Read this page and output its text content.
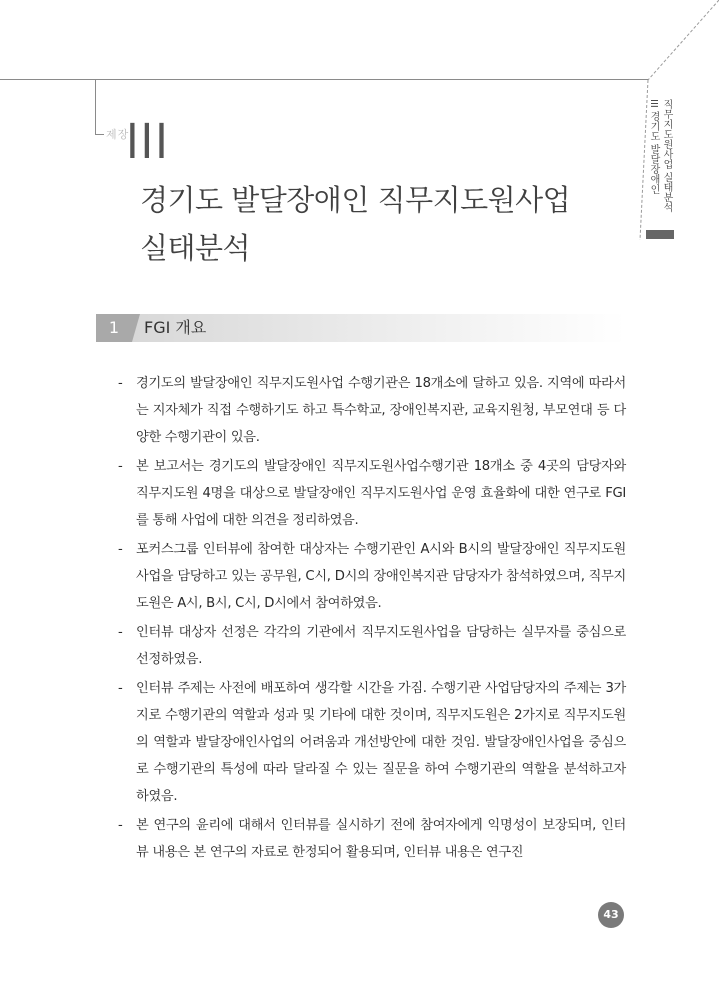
제장
III
경기도 발달장애인 직무지도원사업
실태분석
III 경기도 발달장애인 직무지도원사업 실태분석
1	FGI 개요
- 경기도의 발달장애인 직무지도원사업 수행기관은 18개소에 달하고 있음. 지역에 따라서는 지자체가 직접 수행하기도 하고 특수학교, 장애인복지관, 교육지원청, 부모연대 등 다양한 수행기관이 있음.
- 본 보고서는 경기도의 발달장애인 직무지도원사업수행기관 18개소 중 4곳의 담당자와 직무지도원 4명을 대상으로 발달장애인 직무지도원사업 운영 효율화에 대한 연구로 FGI를 통해 사업에 대한 의견을 정리하였음.
- 포커스그룹 인터뷰에 참여한 대상자는 수행기관인 A시와 B시의 발달장애인 직무지도원사업을 담당하고 있는 공무원, C시, D시의 장애인복지관 담당자가 참석하였으며, 직무지도원은 A시, B시, C시, D시에서 참여하였음.
- 인터뷰 대상자 선정은 각각의 기관에서 직무지도원사업을 담당하는 실무자를 중심으로 선정하였음.
- 인터뷰 주제는 사전에 배포하여 생각할 시간을 가짐. 수행기관 사업담당자의 주제는 3가지로 수행기관의 역할과 성과 및 기타에 대한 것이며, 직무지도원은 2가지로 직무지도원의 역할과 발달장애인사업의 어려움과 개선방안에 대한 것임. 발달장애인사업을 중심으로 수행기관의 특성에 따라 달라질 수 있는 질문을 하여 수행기관의 역할을 분석하고자 하였음.
- 본 연구의 윤리에 대해서 인터뷰를 실시하기 전에 참여자에게 익명성이 보장되며, 인터뷰 내용은 본 연구의 자료로 한정되어 활용되며, 인터뷰 내용은 연구진
43
